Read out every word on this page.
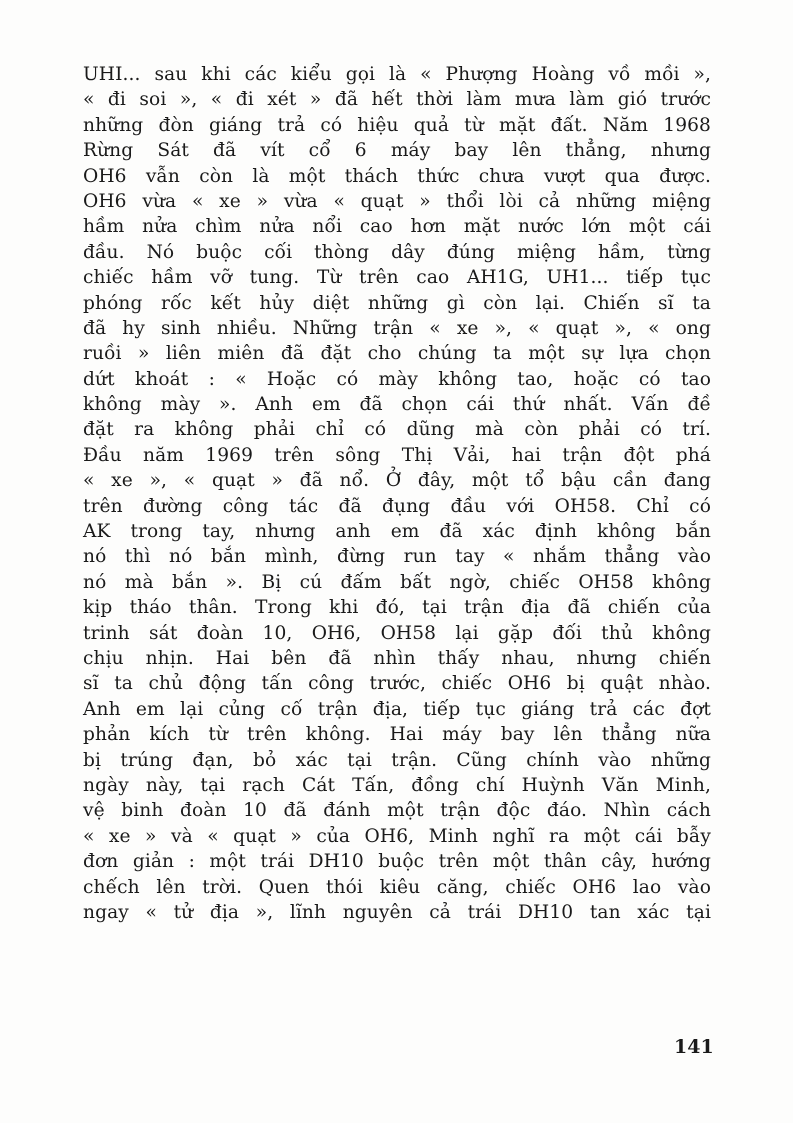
UHI... sau khi các kiểu gọi là « Phượng Hoàng vồ mồi »,
« đi soi », « đi xét » đã hết thời làm mưa làm gió trước
những đòn giáng trả có hiệu quả từ mặt đất. Năm 1968
Rừng Sát đã vít cổ 6 máy bay lên thẳng, nhưng
OH6 vẫn còn là một thách thức chưa vượt qua được.
OH6 vừa « xe » vừa « quạt » thổi lòi cả những miệng
hầm nửa chìm nửa nổi cao hơn mặt nước lớn một cái
đầu. Nó buộc cối thòng dây đúng miệng hầm, từng
chiếc hầm vỡ tung. Từ trên cao AH1G, UH1... tiếp tục
phóng rốc kết hủy diệt những gì còn lại. Chiến sĩ ta
đã hy sinh nhiều. Những trận « xe », « quạt », « ong
ruồi » liên miên đã đặt cho chúng ta một sự lựa chọn
dứt khoát : « Hoặc có mày không tao, hoặc có tao
không mày ». Anh em đã chọn cái thứ nhất. Vấn đề
đặt ra không phải chỉ có dũng mà còn phải có trí.
Đầu năm 1969 trên sông Thị Vải, hai trận đột phá
« xe », « quạt » đã nổ. Ở đây, một tổ bậu cần đang
trên đường công tác đã đụng đầu với OH58. Chỉ có
AK trong tay, nhưng anh em đã xác định không bắn
nó thì nó bắn mình, đừng run tay « nhắm thẳng vào
nó mà bắn ». Bị cú đấm bất ngờ, chiếc OH58 không
kịp tháo thân. Trong khi đó, tại trận địa đã chiến của
trinh sát đoàn 10, OH6, OH58 lại gặp đối thủ không
chịu nhịn. Hai bên đã nhìn thấy nhau, nhưng chiến
sĩ ta chủ động tấn công trước, chiếc OH6 bị quật nhào.
Anh em lại củng cố trận địa, tiếp tục giáng trả các đợt
phản kích từ trên không. Hai máy bay lên thẳng nữa
bị trúng đạn, bỏ xác tại trận. Cũng chính vào những
ngày này, tại rạch Cát Tấn, đồng chí Huỳnh Văn Minh,
vệ binh đoàn 10 đã đánh một trận độc đáo. Nhìn cách
« xe » và « quạt » của OH6, Minh nghĩ ra một cái bẫy
đơn giản : một trái DH10 buộc trên một thân cây, hướng
chếch lên trời. Quen thói kiêu căng, chiếc OH6 lao vào
ngay « tử địa », lĩnh nguyên cả trái DH10 tan xác tại
141
